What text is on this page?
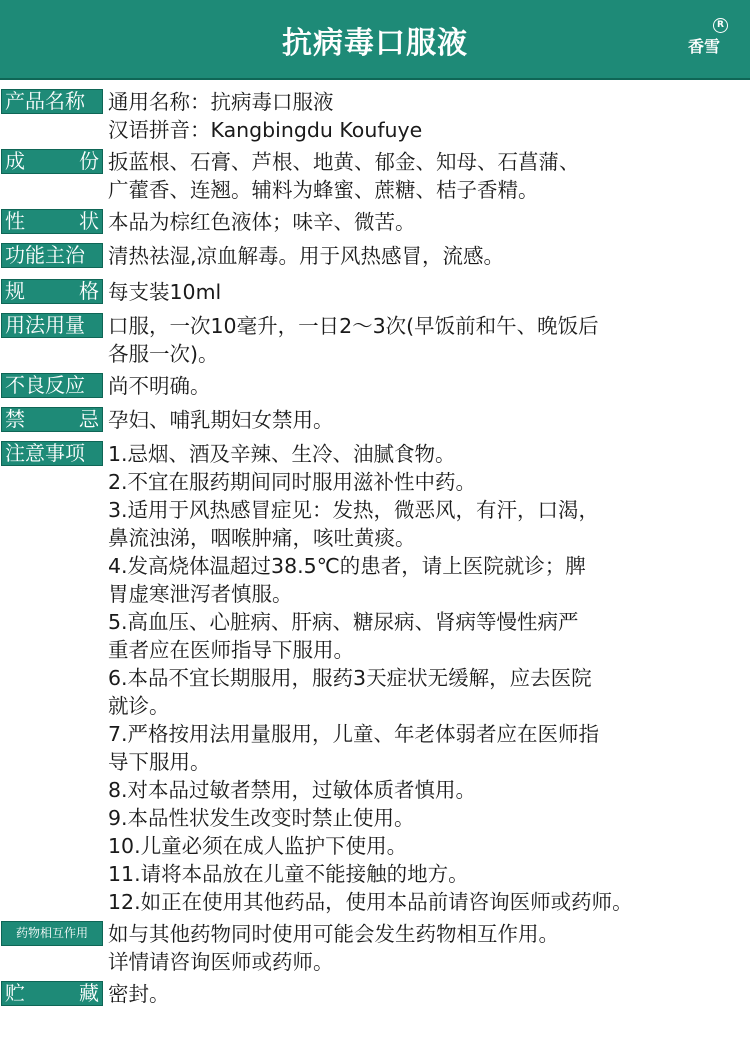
抗病毒口服液	香雪
R
产品名称 通用名称：抗病毒口服液
汉语拼音：Kangbingdu Koufuye
成	份 扳蓝根、石膏、芦根、地黄、郁金、知母、石菖蒲、
广藿香、连翘。辅料为蜂蜜、蔗糖、桔子香精。
性	状 本品为棕红色液体；味辛、微苦。
功能主治 清热祛湿,凉血解毒。用于风热感冒，流感。
规	格 每支装10ml
用法用量 口服，一次10毫升，一日2～3次(早饭前和午、晚饭后
各服一次)。
不良反应 尚不明确。
禁	忌 孕妇、哺乳期妇女禁用。
注意事项 1.忌烟、酒及辛辣、生冷、油腻食物。
2.不宜在服药期间同时服用滋补性中药。
3.适用于风热感冒症见：发热，微恶风，有汗，口渴，
鼻流浊涕，咽喉肿痛，咳吐黄痰。
4.发高烧体温超过38.5℃的患者，请上医院就诊；脾
胃虚寒泄泻者慎服。
5.高血压、心脏病、肝病、糖尿病、肾病等慢性病严
重者应在医师指导下服用。
6.本品不宜长期服用，服药3天症状无缓解，应去医院
就诊。
7.严格按用法用量服用，儿童、年老体弱者应在医师指
导下服用。
8.对本品过敏者禁用，过敏体质者慎用。
9.本品性状发生改变时禁止使用。
10.儿童必须在成人监护下使用。
11.请将本品放在儿童不能接触的地方。
12.如正在使用其他药品，使用本品前请咨询医师或药师。
药物相互作用 如与其他药物同时使用可能会发生药物相互作用。
详情请咨询医师或药师。
贮	藏 密封。
